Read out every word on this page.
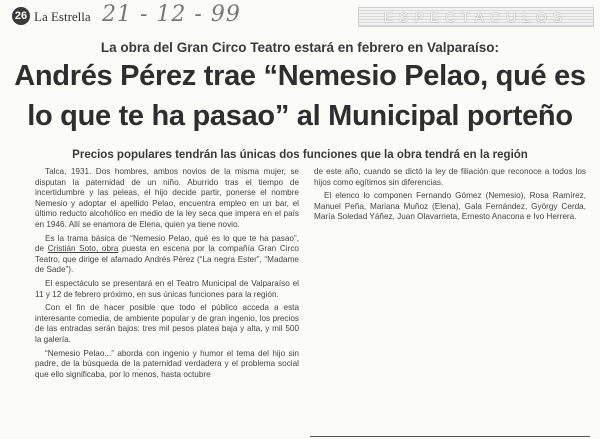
26 La Estrella 21 - 12 - 99	ESPECTACULOS
La obra del Gran Circo Teatro estará en febrero en Valparaíso:
Andrés Pérez trae “Nemesio Pelao, qué es lo que te ha pasao” al Municipal porteño
Precios populares tendrán las únicas dos funciones que la obra tendrá en la región

Talca, 1931. Dos hombres, ambos novios de la misma mujer, se disputan la paternidad de un niño. Aburrido tras el tiempo de incertidumbre y las peleas, el hijo decide partir, ponerse el nombre Nemesio y adoptar el apellido Pelao, encuentra empleo en un bar, el último reducto alcohólico en medio de la ley seca que impera en el país en 1946. Allí se enamora de Elena, quien ya tiene novio.

Es la trama básica de “Nemesio Pelao, qué es lo que te ha pasao”, de Cristián Soto, obra puesta en escena por la compañía Gran Circo Teatro, que dirige el afamado Andrés Pérez (“La negra Ester”, “Madame de Sade”).

El espectáculo se presentará en el Teatro Municipal de Valparaíso el 11 y 12 de febrero próximo, en sus únicas funciones para la región.

Con el fin de hacer posible que todo el público acceda a esta interesante comedia, de ambiente popular y de gran ingenio, los precios de las entradas serán bajos: tres mil pesos platea baja y alta, y mil 500 la galería.

“Nemesio Pelao...” aborda con ingenio y humor el tema del hijo sin padre, de la búsqueda de la paternidad verdadera y el problema social que ello significaba, por lo menos, hasta octubre

de este año, cuando se dictó la ley de filiación que reconoce a todos los hijos como egítimos sin diferencias.

El elenco lo componen Fernando Gómez (Nemesio), Rosa Ramírez, Manuel Peña, Mariana Muñoz (Elena), Gala Fernández, György Cerda, María Soledad Yáñez, Juan Olavarrieta, Ernesto Anacona e Ivo Herrera.
